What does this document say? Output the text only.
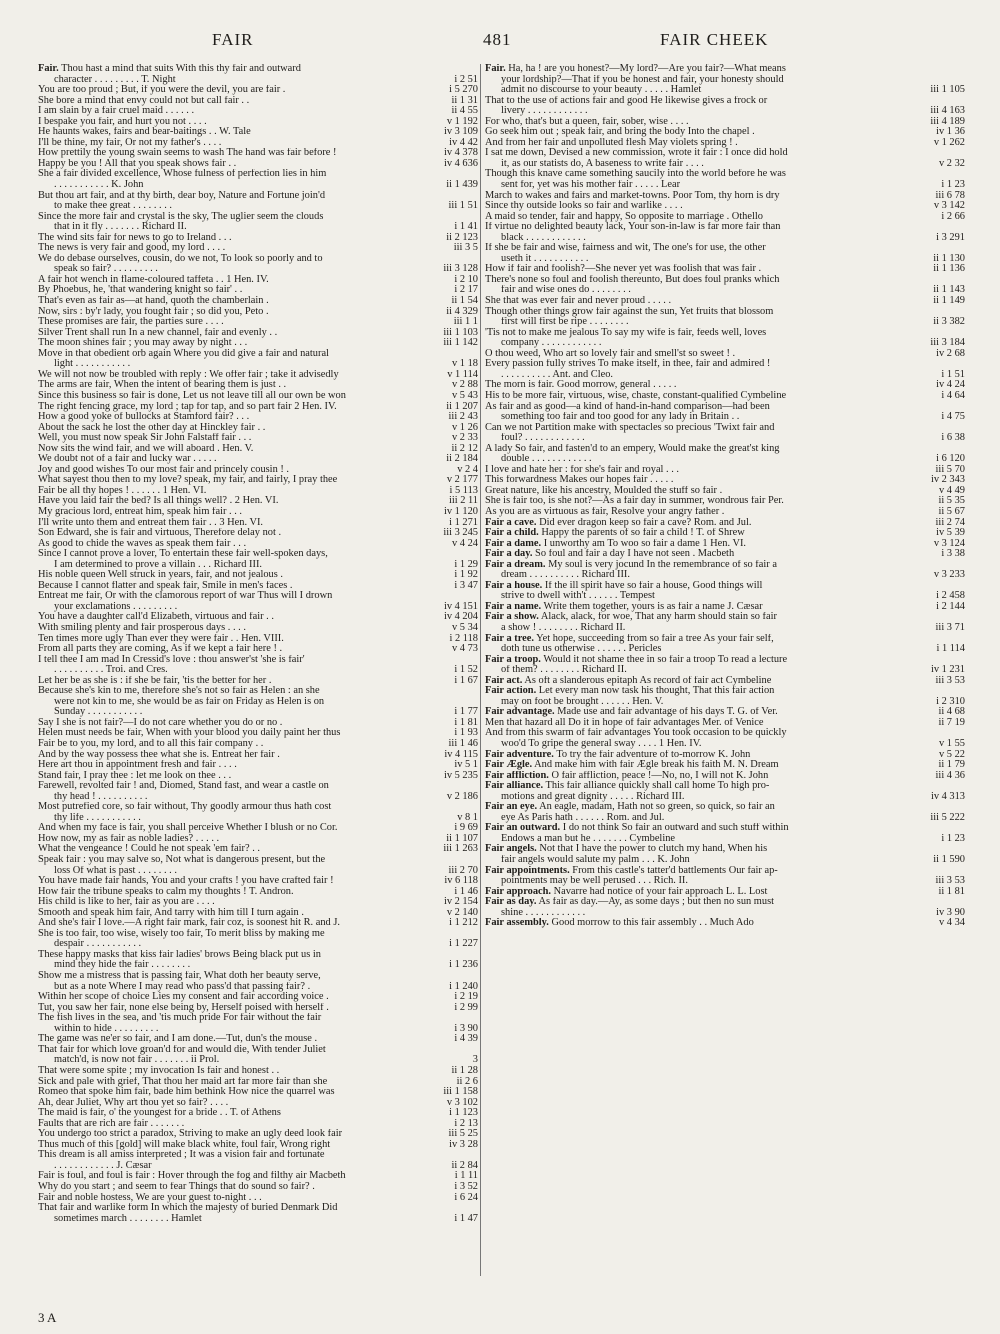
FAIR	481	FAIR CHEEK
Fair. Thou hast a mind that suits With this thy fair and outward
character . . . . . . . . . T. Night	i 2 51
You are too proud ; But, if you were the devil, you are fair .	i 5 270
She bore a mind that envy could not but call fair . .	ii 1 31
I am slain by a fair cruel maid . . . . . .	ii 4 55
I bespake you fair, and hurt you not . . . .	v 1 192
He haunts wakes, fairs and bear-baitings . . W. Tale	iv 3 109
I'll be thine, my fair, Or not my father's . . . .	iv 4 42
How prettily the young swain seems to wash The hand was fair before !	iv 4 378
Happy be you ! All that you speak shows fair . .	iv 4 636
She a fair divided excellence, Whose fulness of perfection lies in him
. . . . . . . . . . . K. John	ii 1 439
But thou art fair, and at thy birth, dear boy, Nature and Fortune join'd
to make thee great . . . . . . . .	iii 1 51
Since the more fair and crystal is the sky, The uglier seem the clouds
that in it fly . . . . . . . Richard II.	i 1 41
The wind sits fair for news to go to Ireland . . .	ii 2 123
The news is very fair and good, my lord . . . .	iii 3 5
We do debase ourselves, cousin, do we not, To look so poorly and to
speak so fair? . . . . . . . . .	iii 3 128
A fair hot wench in flame-coloured taffeta . . 1 Hen. IV.	i 2 10
By Phoebus, he, 'that wandering knight so fair' . .	i 2 17
That's even as fair as—at hand, quoth the chamberlain .	ii 1 54
Now, sirs : by'r lady, you fought fair ; so did you, Peto .	ii 4 329
These promises are fair, the parties sure . . . .	iii 1 1
Silver Trent shall run In a new channel, fair and evenly . .	iii 1 103
The moon shines fair ; you may away by night . . .	iii 1 142
Move in that obedient orb again Where you did give a fair and natural
light . . . . . . . . . . .	v 1 18
We will not now be troubled with reply : We offer fair ; take it advisedly	v 1 114
The arms are fair, When the intent of bearing them is just . .	v 2 88
Since this business so fair is done, Let us not leave till all our own be won	v 5 43
The right fencing grace, my lord ; tap for tap, and so part fair 2 Hen. IV.	ii 1 207
How a good yoke of bullocks at Stamford fair? . . .	iii 2 43
About the sack he lost the other day at Hinckley fair . .	v 1 26
Well, you must now speak Sir John Falstaff fair . . .	v 2 33
Now sits the wind fair, and we will aboard . Hen. V.	ii 2 12
We doubt not of a fair and lucky war . . . . .	ii 2 184
Joy and good wishes To our most fair and princely cousin ! .	v 2 4
What sayest thou then to my love? speak, my fair, and fairly, I pray thee	v 2 177
Fair be all thy hopes ! . . . . . . 1 Hen. VI.	i 5 113
Have you laid fair the bed? Is all things well? . 2 Hen. VI.	iii 2 11
My gracious lord, entreat him, speak him fair . . .	iv 1 120
I'll write unto them and entreat them fair . . 3 Hen. VI.	i 1 271
Son Edward, she is fair and virtuous, Therefore delay not .	iii 3 245
As good to chide the waves as speak them fair . . .	v 4 24
Since I cannot prove a lover, To entertain these fair well-spoken days,
I am determined to prove a villain . . . Richard III.	i 1 29
His noble queen Well struck in years, fair, and not jealous .	i 1 92
Because I cannot flatter and speak fair, Smile in men's faces .	i 3 47
Entreat me fair, Or with the clamorous report of war Thus will I drown
your exclamations . . . . . . . . .	iv 4 151
You have a daughter call'd Elizabeth, virtuous and fair . .	iv 4 204
With smiling plenty and fair prosperous days . . . .	v 5 34
Ten times more ugly Than ever they were fair . . Hen. VIII.	i 2 118
From all parts they are coming, As if we kept a fair here ! .	v 4 73
I tell thee I am mad In Cressid's love : thou answer'st 'she is fair'
. . . . . . . . . . Troi. and Cres.	i 1 52
Let her be as she is : if she be fair, 'tis the better for her .	i 1 67
Because she's kin to me, therefore she's not so fair as Helen : an she
were not kin to me, she would be as fair on Friday as Helen is on
Sunday . . . . . . . . . . .	i 1 77
Say I she is not fair?—I do not care whether you do or no .	i 1 81
Helen must needs be fair, When with your blood you daily paint her thus	i 1 93
Fair be to you, my lord, and to all this fair company . .	iii 1 46
And by the way possess thee what she is. Entreat her fair .	iv 4 115
Here art thou in appointment fresh and fair . . . .	iv 5 1
Stand fair, I pray thee : let me look on thee . . .	iv 5 235
Farewell, revolted fair ! and, Diomed, Stand fast, and wear a castle on
thy head ! . . . . . . . . . .	v 2 186
Most putrefied core, so fair without, Thy goodly armour thus hath cost
thy life . . . . . . . . . . .	v 8 1
And when my face is fair, you shall perceive Whether I blush or no Cor.	i 9 69
How now, my as fair as noble ladies? . . . . .	ii 1 107
What the vengeance ! Could he not speak 'em fair? . .	iii 1 263
Speak fair : you may salve so, Not what is dangerous present, but the
loss Of what is past . . . . . . . .	iii 2 70
You have made fair hands, You and your crafts ! you have crafted fair !	iv 6 118
How fair the tribune speaks to calm my thoughts ! T. Andron.	i 1 46
His child is like to her, fair as you are . . . .	iv 2 154
Smooth and speak him fair, And tarry with him till I turn again .	v 2 140
And she's fair I love.—A right fair mark, fair coz, is soonest hit R. and J.	i 1 212
She is too fair, too wise, wisely too fair, To merit bliss by making me
despair . . . . . . . . . . .	i 1 227
These happy masks that kiss fair ladies' brows Being black put us in
mind they hide the fair . . . . . . . .	i 1 236
Show me a mistress that is passing fair, What doth her beauty serve,
but as a note Where I may read who pass'd that passing fair? .	i 1 240
Within her scope of choice Lies my consent and fair according voice .	i 2 19
Tut, you saw her fair, none else being by, Herself poised with herself .	i 2 99
The fish lives in the sea, and 'tis much pride For fair without the fair
within to hide . . . . . . . . .	i 3 90
The game was ne'er so fair, and I am done.—Tut, dun's the mouse .	i 4 39
That fair for which love groan'd for and would die, With tender Juliet
match'd, is now not fair . . . . . . . ii Prol.	3
That were some spite ; my invocation Is fair and honest . .	ii 1 28
Sick and pale with grief, That thou her maid art far more fair than she	ii 2 6
Romeo that spoke him fair, bade him bethink How nice the quarrel was	iii 1 158
Ah, dear Juliet, Why art thou yet so fair? . . . .	v 3 102
The maid is fair, o' the youngest for a bride . . T. of Athens	i 1 123
Faults that are rich are fair . . . . . . .	i 2 13
You undergo too strict a paradox, Striving to make an ugly deed look fair	iii 5 25
Thus much of this [gold] will make black white, foul fair, Wrong right	iv 3 28
This dream is all amiss interpreted ; It was a vision fair and fortunate
. . . . . . . . . . . . J. Cæsar	ii 2 84
Fair is foul, and foul is fair : Hover through the fog and filthy air Macbeth	i 1 11
Why do you start ; and seem to fear Things that do sound so fair? .	i 3 52
Fair and noble hostess, We are your guest to-night . . .	i 6 24
That fair and warlike form In which the majesty of buried Denmark Did
sometimes march . . . . . . . . Hamlet	i 1 47
Fair. Ha, ha ! are you honest?—My lord?—Are you fair?—What means
your lordship?—That if you be honest and fair, your honesty should
admit no discourse to your beauty . . . . . Hamlet	iii 1 105
That to the use of actions fair and good He likewise gives a frock or
livery . . . . . . . . . . . .	iii 4 163
For who, that's but a queen, fair, sober, wise . . . .	iii 4 189
Go seek him out ; speak fair, and bring the body Into the chapel .	iv 1 36
And from her fair and unpolluted flesh May violets spring ! .	v 1 262
I sat me down, Devised a new commission, wrote it fair : I once did hold
it, as our statists do, A baseness to write fair . . . .	v 2 32
Though this knave came something saucily into the world before he was
sent for, yet was his mother fair . . . . . Lear	i 1 23
March to wakes and fairs and market-towns. Poor Tom, thy horn is dry	iii 6 78
Since thy outside looks so fair and warlike . . . .	v 3 142
A maid so tender, fair and happy, So opposite to marriage . Othello	i 2 66
If virtue no delighted beauty lack, Your son-in-law is far more fair than
black . . . . . . . . . . . .	i 3 291
If she be fair and wise, fairness and wit, The one's for use, the other
useth it . . . . . . . . . . .	ii 1 130
How if fair and foolish?—She never yet was foolish that was fair .	ii 1 136
There's none so foul and foolish thereunto, But does foul pranks which
fair and wise ones do . . . . . . . .	ii 1 143
She that was ever fair and never proud . . . . .	ii 1 149
Though other things grow fair against the sun, Yet fruits that blossom
first will first be ripe . . . . . . . .	ii 3 382
'Tis not to make me jealous To say my wife is fair, feeds well, loves
company . . . . . . . . . . . .	iii 3 184
O thou weed, Who art so lovely fair and smell'st so sweet ! .	iv 2 68
Every passion fully strives To make itself, in thee, fair and admired !
. . . . . . . . . . Ant. and Cleo.	i 1 51
The morn is fair. Good morrow, general . . . . .	iv 4 24
His to be more fair, virtuous, wise, chaste, constant-qualified Cymbeline	i 4 64
As fair and as good—a kind of hand-in-hand comparison—had been
something too fair and too good for any lady in Britain . .	i 4 75
Can we not Partition make with spectacles so precious 'Twixt fair and
foul? . . . . . . . . . . . .	i 6 38
A lady So fair, and fasten'd to an empery, Would make the great'st king
double . . . . . . . . . . . .	i 6 120
I love and hate her : for she's fair and royal . . .	iii 5 70
This forwardness Makes our hopes fair . . . . .	iv 2 343
Great nature, like his ancestry, Moulded the stuff so fair .	v 4 49
She is fair too, is she not?—As a fair day in summer, wondrous fair Per.	ii 5 35
As you are as virtuous as fair, Resolve your angry father .	ii 5 67
Fair a cave. Did ever dragon keep so fair a cave? Rom. and Jul.	iii 2 74
Fair a child. Happy the parents of so fair a child ! T. of Shrew	iv 5 39
Fair a dame. I unworthy am To woo so fair a dame 1 Hen. VI.	v 3 124
Fair a day. So foul and fair a day I have not seen . Macbeth	i 3 38
Fair a dream. My soul is very jocund In the remembrance of so fair a
dream . . . . . . . . . . Richard III.	v 3 233
Fair a house. If the ill spirit have so fair a house, Good things will
strive to dwell with't . . . . . . Tempest	i 2 458
Fair a name. Write them together, yours is as fair a name J. Cæsar	i 2 144
Fair a show. Alack, alack, for woe, That any harm should stain so fair
a show ! . . . . . . . . Richard II.	iii 3 71
Fair a tree. Yet hope, succeeding from so fair a tree As your fair self,
doth tune us otherwise . . . . . . Pericles	i 1 114
Fair a troop. Would it not shame thee in so fair a troop To read a lecture
of them? . . . . . . . . Richard II.	iv 1 231
Fair act. As oft a slanderous epitaph As record of fair act Cymbeline	iii 3 53
Fair action. Let every man now task his thought, That this fair action
may on foot be brought . . . . . . Hen. V.	i 2 310
Fair advantage. Made use and fair advantage of his days T. G. of Ver.	ii 4 68
Men that hazard all Do it in hope of fair advantages Mer. of Venice	ii 7 19
And from this swarm of fair advantages You took occasion to be quickly
woo'd To gripe the general sway . . . . 1 Hen. IV.	v 1 55
Fair adventure. To try the fair adventure of to-morrow K. John	v 5 22
Fair Ægle. And make him with fair Ægle break his faith M. N. Dream	ii 1 79
Fair affliction. O fair affliction, peace !—No, no, I will not K. John	iii 4 36
Fair alliance. This fair alliance quickly shall call home To high pro-
motions and great dignity . . . . . Richard III.	iv 4 313
Fair an eye. An eagle, madam, Hath not so green, so quick, so fair an
eye As Paris hath . . . . . . Rom. and Jul.	iii 5 222
Fair an outward. I do not think So fair an outward and such stuff within
Endows a man but he . . . . . . . Cymbeline	i 1 23
Fair angels. Not that I have the power to clutch my hand, When his
fair angels would salute my palm . . . K. John	ii 1 590
Fair appointments. From this castle's tatter'd battlements Our fair ap-
pointments may be well perused . . . Rich. II.	iii 3 53
Fair approach. Navarre had notice of your fair approach L. L. Lost	ii 1 81
Fair as day. As fair as day.—Ay, as some days ; but then no sun must
shine . . . . . . . . . . . .	iv 3 90
Fair assembly. Good morrow to this fair assembly . . Much Ado	v 4 34
3 A
